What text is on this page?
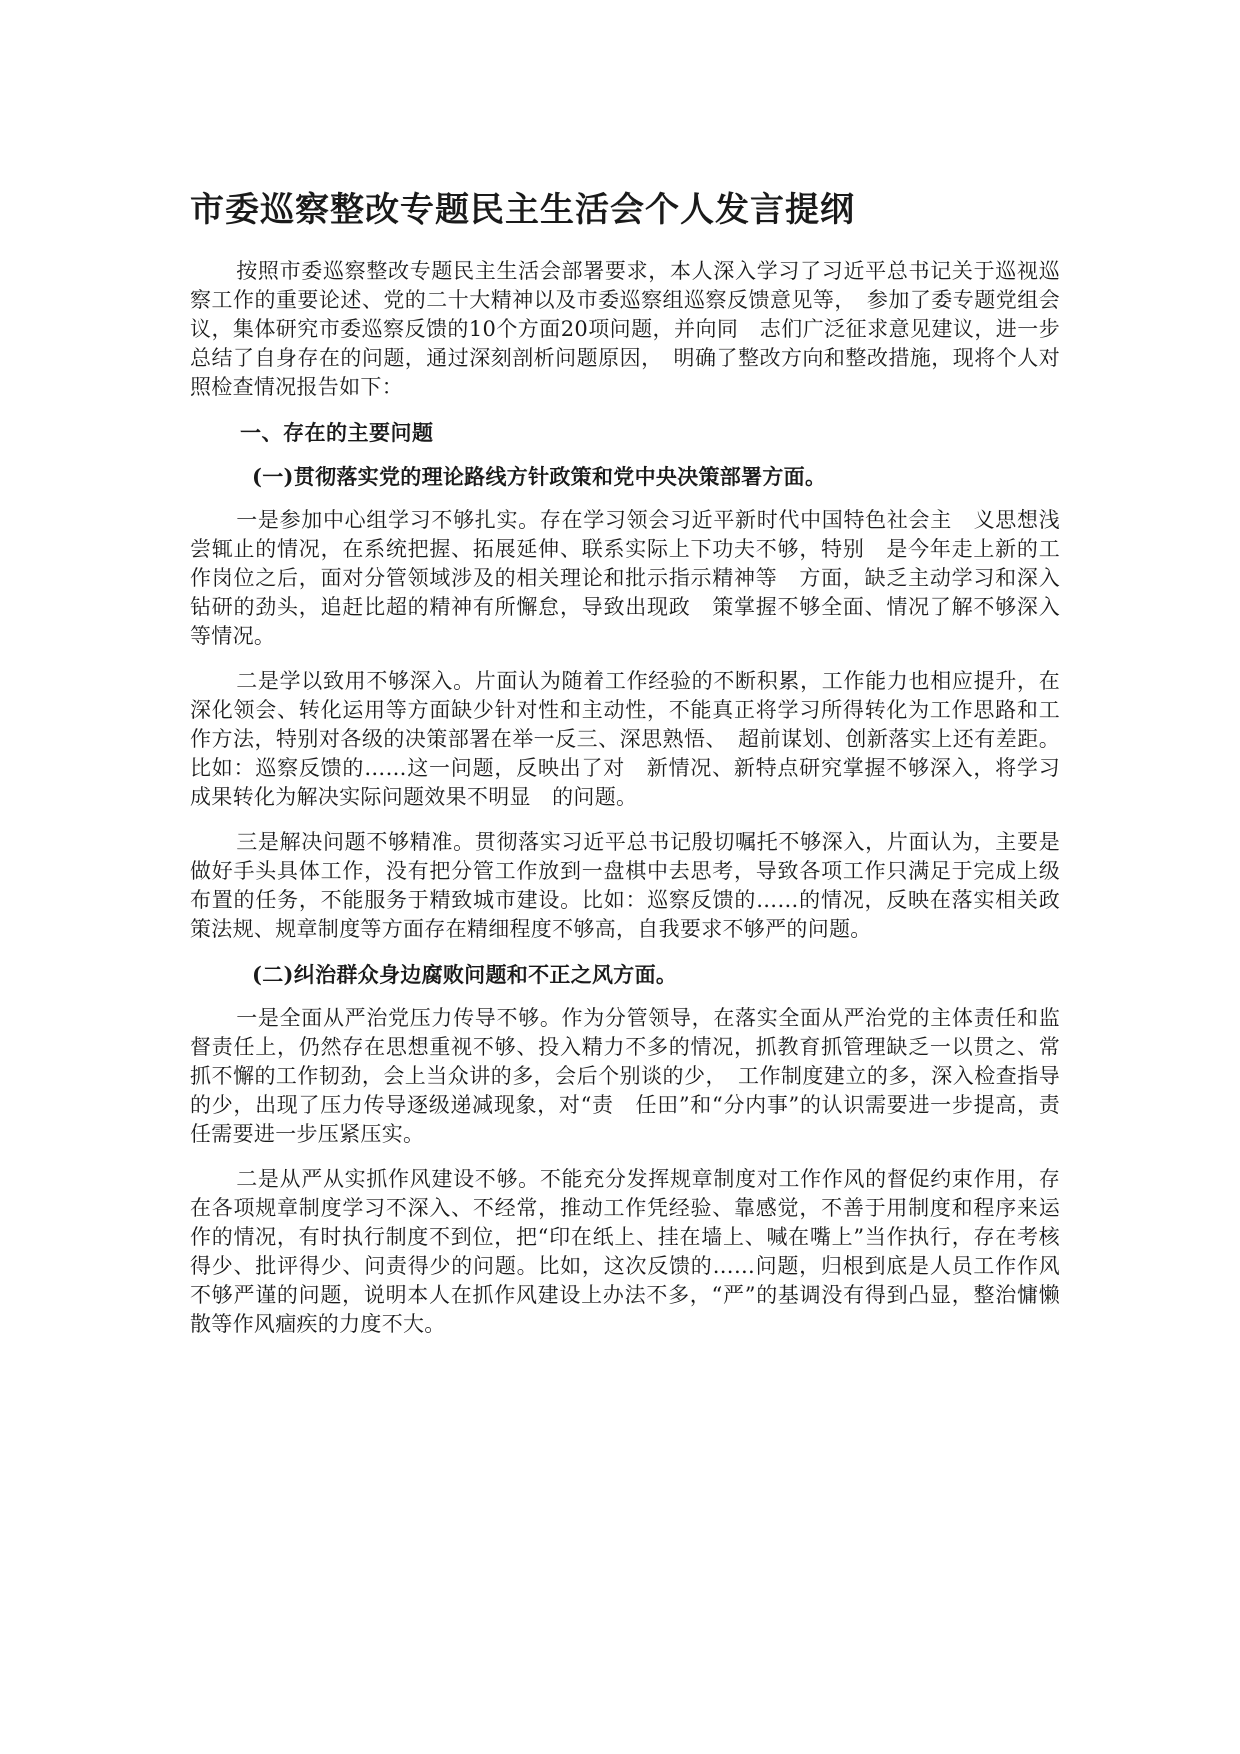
市委巡察整改专题民主生活会个人发言提纲

按照市委巡察整改专题民主生活会部署要求，本人深入学习了习近平总书记关于巡视巡察工作的重要论述、党的二十大精神以及市委巡察组巡察反馈意见等，　参加了委专题党组会议，集体研究市委巡察反馈的10个方面20项问题，并向同　志们广泛征求意见建议，进一步总结了自身存在的问题，通过深刻剖析问题原因，　明确了整改方向和整改措施，现将个人对照检查情况报告如下：

一、存在的主要问题
(一)贯彻落实党的理论路线方针政策和党中央决策部署方面。

一是参加中心组学习不够扎实。存在学习领会习近平新时代中国特色社会主　义思想浅尝辄止的情况，在系统把握、拓展延伸、联系实际上下功夫不够，特别　是今年走上新的工作岗位之后，面对分管领域涉及的相关理论和批示指示精神等　方面，缺乏主动学习和深入钻研的劲头，追赶比超的精神有所懈怠，导致出现政　策掌握不够全面、情况了解不够深入等情况。

二是学以致用不够深入。片面认为随着工作经验的不断积累，工作能力也相应提升，在深化领会、转化运用等方面缺少针对性和主动性，不能真正将学习所得转化为工作思路和工作方法，特别对各级的决策部署在举一反三、深思熟悟、　超前谋划、创新落实上还有差距。比如：巡察反馈的……这一问题，反映出了对　新情况、新特点研究掌握不够深入，将学习成果转化为解决实际问题效果不明显　的问题。

三是解决问题不够精准。贯彻落实习近平总书记殷切嘱托不够深入，片面认为，主要是做好手头具体工作，没有把分管工作放到一盘棋中去思考，导致各项工作只满足于完成上级布置的任务，不能服务于精致城市建设。比如：巡察反馈的……的情况，反映在落实相关政策法规、规章制度等方面存在精细程度不够高，自我要求不够严的问题。

(二)纠治群众身边腐败问题和不正之风方面。

一是全面从严治党压力传导不够。作为分管领导，在落实全面从严治党的主体责任和监督责任上，仍然存在思想重视不够、投入精力不多的情况，抓教育抓管理缺乏一以贯之、常抓不懈的工作韧劲，会上当众讲的多，会后个别谈的少，　工作制度建立的多，深入检查指导的少，出现了压力传导逐级递减现象，对“责　任田”和“分内事”的认识需要进一步提高，责任需要进一步压紧压实。

二是从严从实抓作风建设不够。不能充分发挥规章制度对工作作风的督促约束作用，存在各项规章制度学习不深入、不经常，推动工作凭经验、靠感觉，不善于用制度和程序来运作的情况，有时执行制度不到位，把“印在纸上、挂在墙上、喊在嘴上”当作执行，存在考核得少、批评得少、问责得少的问题。比如，这次反馈的……问题，归根到底是人员工作作风不够严谨的问题，说明本人在抓作风建设上办法不多，“严”的基调没有得到凸显，整治慵懒散等作风痼疾的力度不大。
